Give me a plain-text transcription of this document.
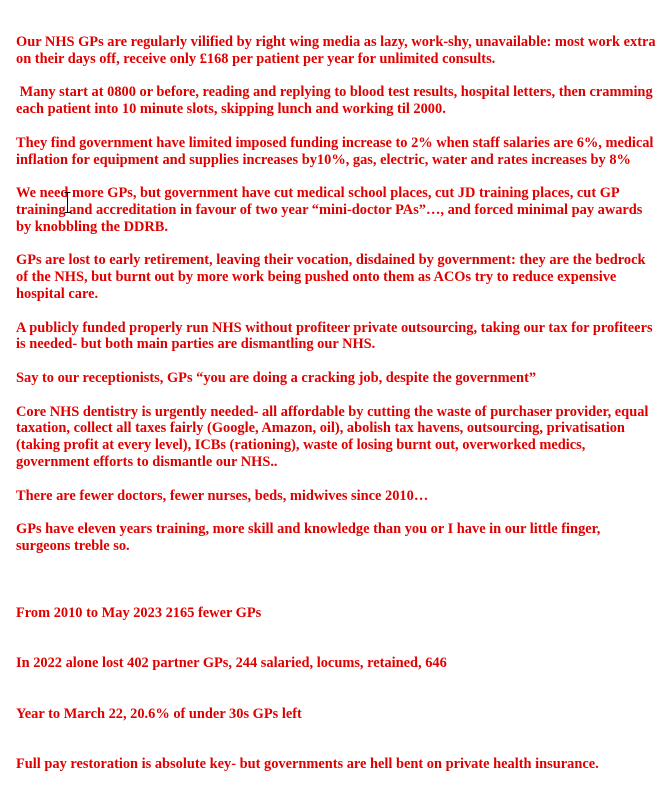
Our NHS GPs are regularly vilified by right wing media as lazy, work-shy, unavailable: most work extra on their days off, receive only £168 per patient per year for unlimited consults.

Many start at 0800 or before, reading and replying to blood test results, hospital letters, then cramming each patient into 10 minute slots, skipping lunch and working til 2000.

They find government have limited imposed funding increase to 2% when staff salaries are 6%, medical inflation for equipment and supplies increases by10%, gas, electric, water and rates increases by 8%

We need more GPs, but government have cut medical school places, cut JD training places, cut GP training and accreditation in favour of two year “mini-doctor PAs”…, and forced minimal pay awards by knobbling the DDRB.

GPs are lost to early retirement, leaving their vocation, disdained by government: they are the bedrock of the NHS, but burnt out by more work being pushed onto them as ACOs try to reduce expensive hospital care.

A publicly funded properly run NHS without profiteer private outsourcing, taking our tax for profiteers is needed- but both main parties are dismantling our NHS.

Say to our receptionists, GPs “you are doing a cracking job, despite the government”

Core NHS dentistry is urgently needed- all affordable by cutting the waste of purchaser provider, equal taxation, collect all taxes fairly (Google, Amazon, oil), abolish tax havens, outsourcing, privatisation (taking profit at every level), ICBs (rationing), waste of losing burnt out, overworked medics, government efforts to dismantle our NHS..

There are fewer doctors, fewer nurses, beds, midwives since 2010…

GPs have eleven years training, more skill and knowledge than you or I have in our little finger, surgeons treble so.

From 2010 to May 2023 2165 fewer GPs

In 2022 alone lost 402 partner GPs, 244 salaried, locums, retained, 646

Year to March 22, 20.6% of under 30s GPs left

Full pay restoration is absolute key- but governments are hell bent on private health insurance.
